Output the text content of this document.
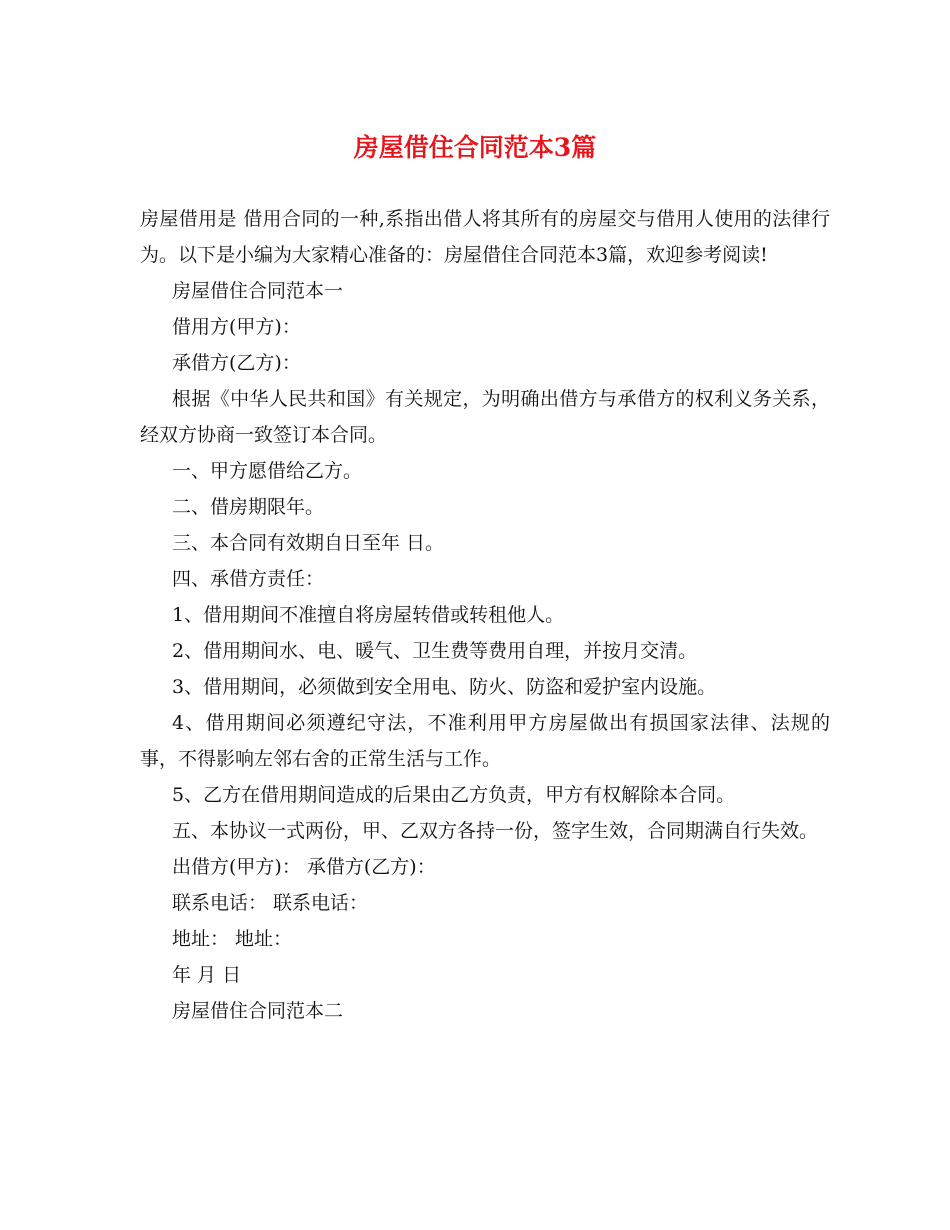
房屋借住合同范本3篇

房屋借用是 借用合同的一种,系指出借人将其所有的房屋交与借用人使用的法律行为。以下是小编为大家精心准备的：房屋借住合同范本3篇，欢迎参考阅读!

房屋借住合同范本一

借用方(甲方)：

承借方(乙方)：

根据《中华人民共和国》有关规定，为明确出借方与承借方的权利义务关系，经双方协商一致签订本合同。

一、甲方愿借给乙方。

二、借房期限年。

三、本合同有效期自日至年 日。

四、承借方责任：

1、借用期间不准擅自将房屋转借或转租他人。

2、借用期间水、电、暖气、卫生费等费用自理，并按月交清。

3、借用期间，必须做到安全用电、防火、防盗和爱护室内设施。

4、借用期间必须遵纪守法，不准利用甲方房屋做出有损国家法律、法规的事，不得影响左邻右舍的正常生活与工作。

5、乙方在借用期间造成的后果由乙方负责，甲方有权解除本合同。

五、本协议一式两份，甲、乙双方各持一份，签字生效，合同期满自行失效。

出借方(甲方)： 承借方(乙方)：

联系电话： 联系电话：

地址： 地址：

年 月 日

房屋借住合同范本二
